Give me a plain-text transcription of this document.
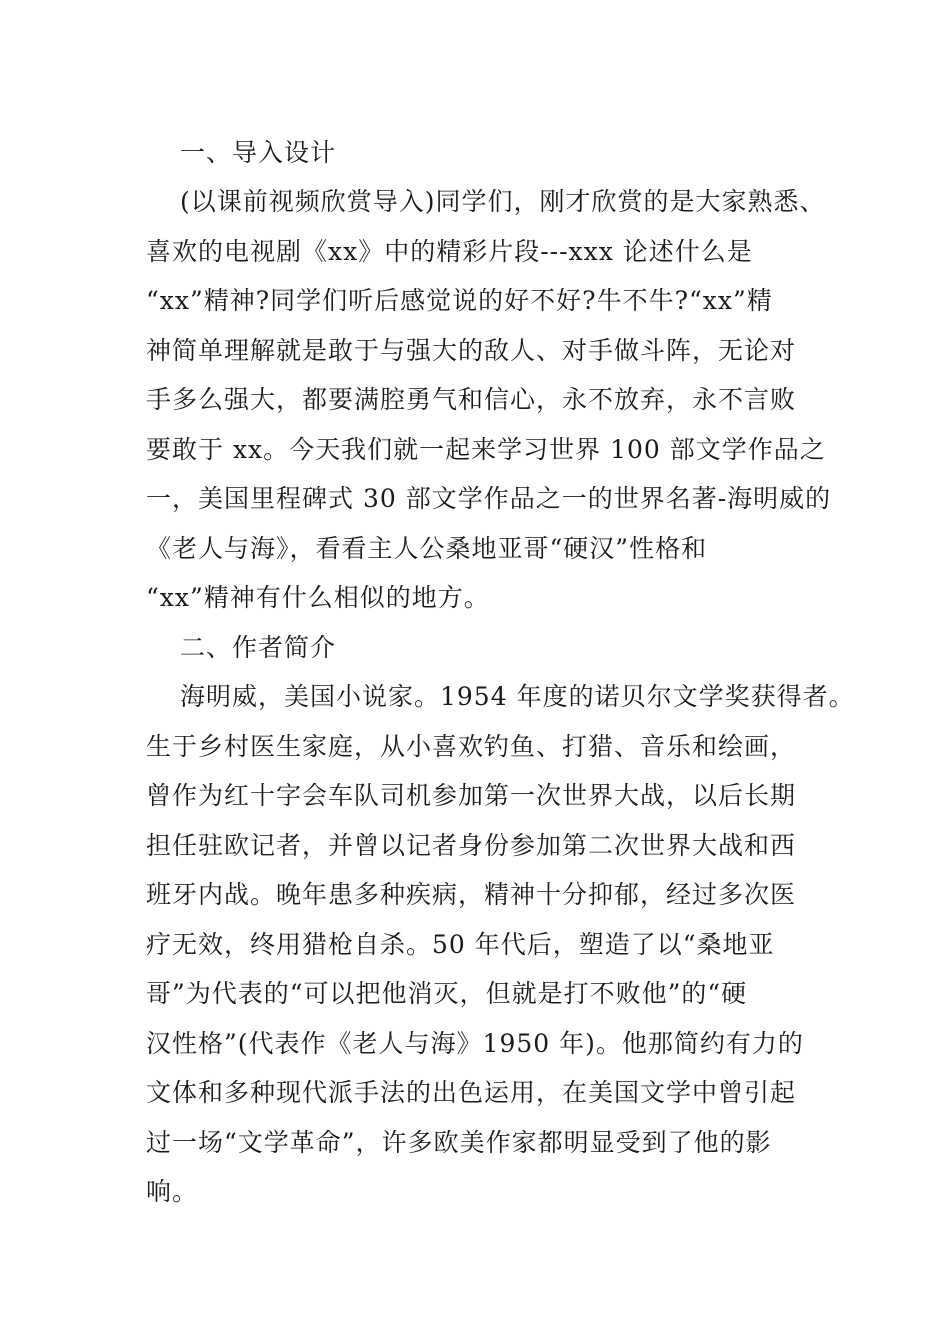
一、导入设计
(以课前视频欣赏导入)同学们，刚才欣赏的是大家熟悉、
喜欢的电视剧《xx》中的精彩片段---xxx 论述什么是
“xx”精神?同学们听后感觉说的好不好?牛不牛?“xx”精
神简单理解就是敢于与强大的敌人、对手做斗阵，无论对
手多么强大，都要满腔勇气和信心，永不放弃，永不言败
要敢于 xx。今天我们就一起来学习世界 100 部文学作品之
一，美国里程碑式 30 部文学作品之一的世界名著-海明威的
《老人与海》，看看主人公桑地亚哥“硬汉”性格和
“xx”精神有什么相似的地方。
二、作者简介
海明威，美国小说家。1954 年度的诺贝尔文学奖获得者。
生于乡村医生家庭，从小喜欢钓鱼、打猎、音乐和绘画，
曾作为红十字会车队司机参加第一次世界大战，以后长期
担任驻欧记者，并曾以记者身份参加第二次世界大战和西
班牙内战。晚年患多种疾病，精神十分抑郁，经过多次医
疗无效，终用猎枪自杀。50 年代后，塑造了以“桑地亚
哥”为代表的“可以把他消灭，但就是打不败他”的“硬
汉性格”(代表作《老人与海》1950 年)。他那简约有力的
文体和多种现代派手法的出色运用，在美国文学中曾引起
过一场“文学革命”，许多欧美作家都明显受到了他的影
响。
